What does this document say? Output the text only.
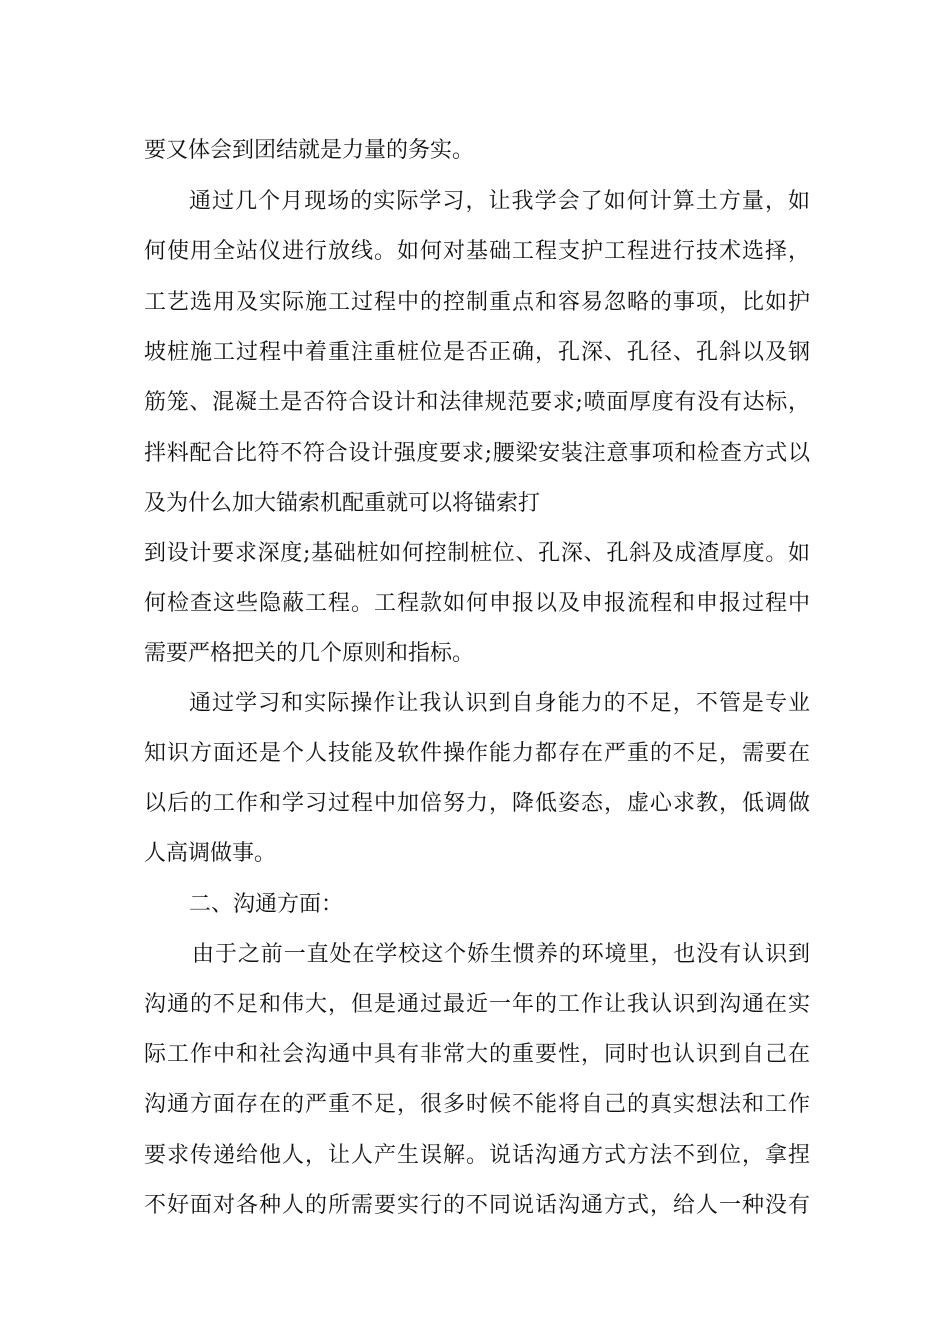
要又体会到团结就是力量的务实。
通过几个月现场的实际学习，让我学会了如何计算土方量，如
何使用全站仪进行放线。如何对基础工程支护工程进行技术选择，
工艺选用及实际施工过程中的控制重点和容易忽略的事项，比如护
坡桩施工过程中着重注重桩位是否正确，孔深、孔径、孔斜以及钢
筋笼、混凝土是否符合设计和法律规范要求;喷面厚度有没有达标，
拌料配合比符不符合设计强度要求;腰梁安装注意事项和检查方式以
及为什么加大锚索机配重就可以将锚索打
到设计要求深度;基础桩如何控制桩位、孔深、孔斜及成渣厚度。如
何检查这些隐蔽工程。工程款如何申报以及申报流程和申报过程中
需要严格把关的几个原则和指标。
通过学习和实际操作让我认识到自身能力的不足，不管是专业
知识方面还是个人技能及软件操作能力都存在严重的不足，需要在
以后的工作和学习过程中加倍努力，降低姿态，虚心求教，低调做
人高调做事。
二、沟通方面：
由于之前一直处在学校这个娇生惯养的环境里，也没有认识到
沟通的不足和伟大，但是通过最近一年的工作让我认识到沟通在实
际工作中和社会沟通中具有非常大的重要性，同时也认识到自己在
沟通方面存在的严重不足，很多时候不能将自己的真实想法和工作
要求传递给他人，让人产生误解。说话沟通方式方法不到位，拿捏
不好面对各种人的所需要实行的不同说话沟通方式，给人一种没有
